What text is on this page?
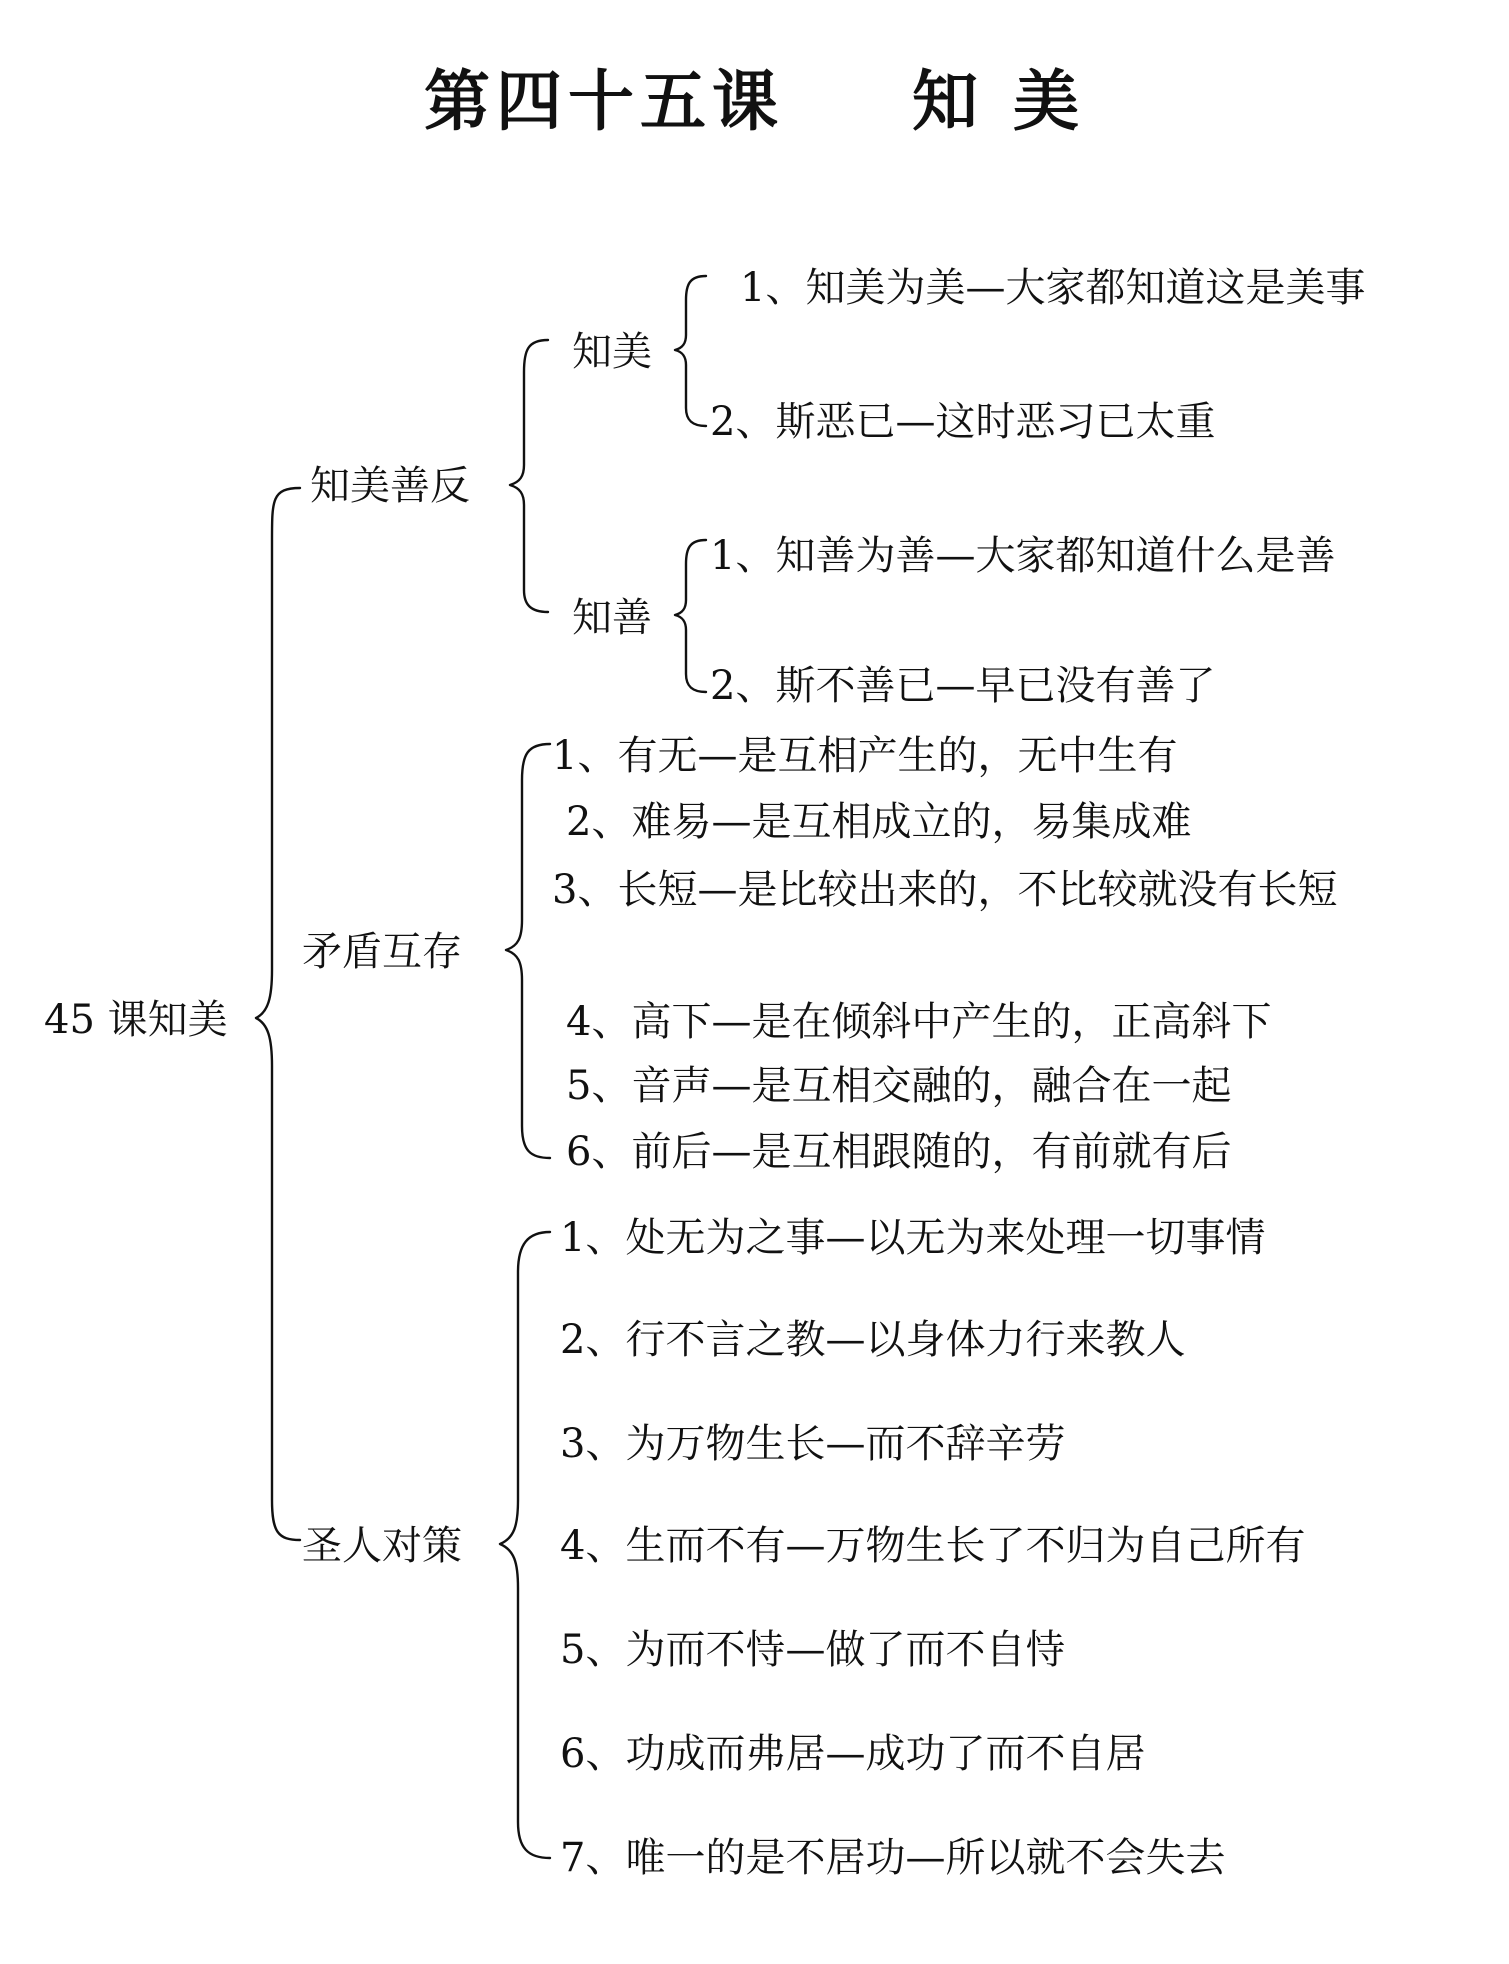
第四十五课 知 美
45 课知美
知美善反
知美
1、知美为美—大家都知道这是美事
2、斯恶已—这时恶习已太重
知善
1、知善为善—大家都知道什么是善
2、斯不善已—早已没有善了
矛盾互存
1、有无—是互相产生的，无中生有
2、难易—是互相成立的，易集成难
3、长短—是比较出来的，不比较就没有长短
4、高下—是在倾斜中产生的，正高斜下
5、音声—是互相交融的，融合在一起
6、前后—是互相跟随的，有前就有后
圣人对策
1、处无为之事—以无为来处理一切事情
2、行不言之教—以身体力行来教人
3、为万物生长—而不辞辛劳
4、生而不有—万物生长了不归为自己所有
5、为而不恃—做了而不自恃
6、功成而弗居—成功了而不自居
7、唯一的是不居功—所以就不会失去
